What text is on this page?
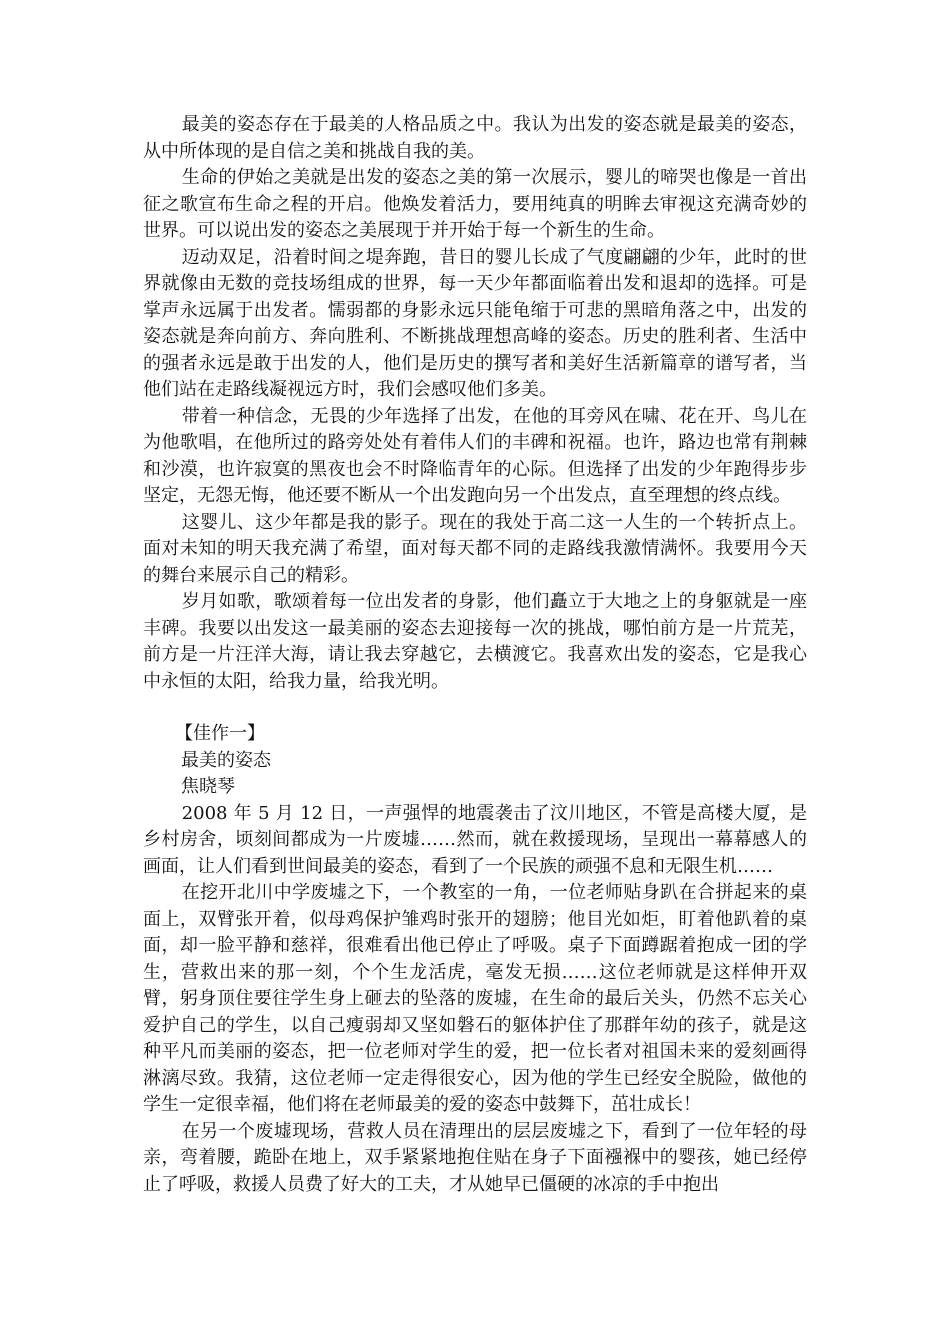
最美的姿态存在于最美的人格品质之中。我认为出发的姿态就是最美的姿态，从中所体现的是自信之美和挑战自我的美。

生命的伊始之美就是出发的姿态之美的第一次展示，婴儿的啼哭也像是一首出征之歌宣布生命之程的开启。他焕发着活力，要用纯真的明眸去审视这充满奇妙的世界。可以说出发的姿态之美展现于并开始于每一个新生的生命。

迈动双足，沿着时间之堤奔跑，昔日的婴儿长成了气度翩翩的少年，此时的世界就像由无数的竞技场组成的世界，每一天少年都面临着出发和退却的选择。可是掌声永远属于出发者。懦弱都的身影永远只能龟缩于可悲的黑暗角落之中，出发的姿态就是奔向前方、奔向胜利、不断挑战理想高峰的姿态。历史的胜利者、生活中的强者永远是敢于出发的人，他们是历史的撰写者和美好生活新篇章的谱写者，当他们站在走路线凝视远方时，我们会感叹他们多美。

带着一种信念，无畏的少年选择了出发，在他的耳旁风在啸、花在开、鸟儿在为他歌唱，在他所过的路旁处处有着伟人们的丰碑和祝福。也许，路边也常有荆棘和沙漠，也许寂寞的黑夜也会不时降临青年的心际。但选择了出发的少年跑得步步坚定，无怨无悔，他还要不断从一个出发跑向另一个出发点，直至理想的终点线。

这婴儿、这少年都是我的影子。现在的我处于高二这一人生的一个转折点上。面对未知的明天我充满了希望，面对每天都不同的走路线我激情满怀。我要用今天的舞台来展示自己的精彩。

岁月如歌，歌颂着每一位出发者的身影，他们矗立于大地之上的身躯就是一座丰碑。我要以出发这一最美丽的姿态去迎接每一次的挑战，哪怕前方是一片荒芜，前方是一片汪洋大海，请让我去穿越它，去横渡它。我喜欢出发的姿态，它是我心中永恒的太阳，给我力量，给我光明。

【佳作一】

最美的姿态

焦晓琴

2008 年 5 月 12 日，一声强悍的地震袭击了汶川地区，不管是高楼大厦，是乡村房舍，顷刻间都成为一片废墟……然而，就在救援现场，呈现出一幕幕感人的画面，让人们看到世间最美的姿态，看到了一个民族的顽强不息和无限生机……

在挖开北川中学废墟之下，一个教室的一角，一位老师贴身趴在合拼起来的桌面上，双臂张开着，似母鸡保护雏鸡时张开的翅膀；他目光如炬，盯着他趴着的桌面，却一脸平静和慈祥，很难看出他已停止了呼吸。桌子下面蹲踞着抱成一团的学生，营救出来的那一刻，个个生龙活虎，毫发无损……这位老师就是这样伸开双臂，躬身顶住要往学生身上砸去的坠落的废墟，在生命的最后关头，仍然不忘关心爱护自己的学生，以自己瘦弱却又坚如磐石的躯体护住了那群年幼的孩子，就是这种平凡而美丽的姿态，把一位老师对学生的爱，把一位长者对祖国未来的爱刻画得淋漓尽致。我猜，这位老师一定走得很安心，因为他的学生已经安全脱险，做他的学生一定很幸福，他们将在老师最美的爱的姿态中鼓舞下，茁壮成长！

在另一个废墟现场，营救人员在清理出的层层废墟之下，看到了一位年轻的母亲，弯着腰，跪卧在地上，双手紧紧地抱住贴在身子下面襁褓中的婴孩，她已经停止了呼吸，救援人员费了好大的工夫，才从她早已僵硬的冰凉的手中抱出
